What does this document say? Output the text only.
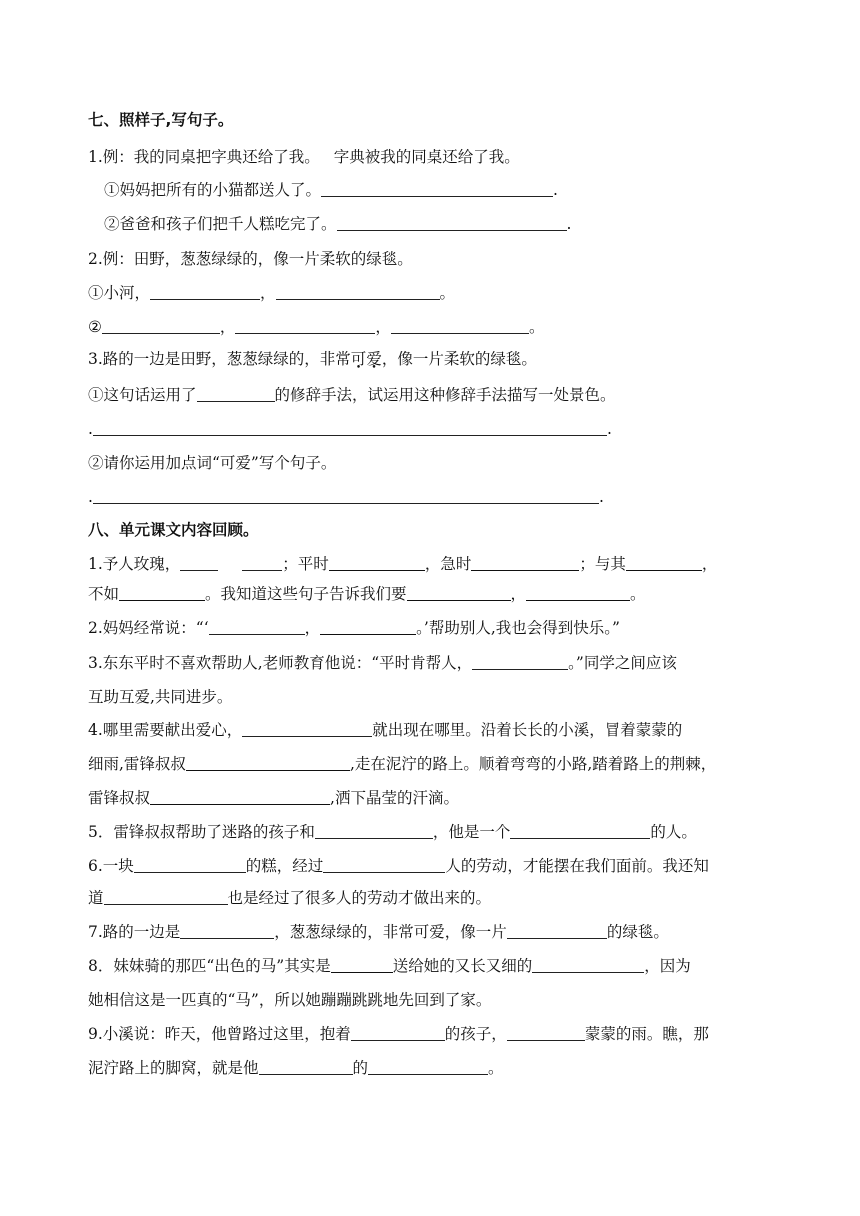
七、照样子,写句子。
1.例：我的同桌把字典还给了我。 字典被我的同桌还给了我。
①妈妈把所有的小猫都送人了。	.
②爸爸和孩子们把千人糕吃完了。	.
2.例：田野，葱葱绿绿的，像一片柔软的绿毯。
①小河，	，	。
②	，	，	。
3.路的一边是田野，葱葱绿绿的，非常可爱，像一片柔软的绿毯。
①这句话运用了	的修辞手法，试运用这种修辞手法描写一处景色。
.	.
②请你运用加点词“可爱”写个句子。
.	.
八、单元课文内容回顾。
1.予人玫瑰，	；平时	，急时	；与其	，
不如	。我知道这些句子告诉我们要	，	。
2.妈妈经常说：“‘	，	。’帮助别人,我也会得到快乐。”
3.东东平时不喜欢帮助人,老师教育他说：“平时肯帮人，	。”同学之间应该
互助互爱,共同进步。
4.哪里需要献出爱心，	就出现在哪里。沿着长长的小溪，冒着蒙蒙的
细雨,雷锋叔叔	,走在泥泞的路上。顺着弯弯的小路,踏着路上的荆棘，
雷锋叔叔	,洒下晶莹的汗滴。
5．雷锋叔叔帮助了迷路的孩子和	，他是一个	的人。
6.一块	的糕，经过	人的劳动，才能摆在我们面前。我还知
道	也是经过了很多人的劳动才做出来的。
7.路的一边是	，葱葱绿绿的，非常可爱，像一片	的绿毯。
8．妹妹骑的那匹“出色的马”其实是	送给她的又长又细的	，因为
她相信这是一匹真的“马”，所以她蹦蹦跳跳地先回到了家。
9.小溪说：昨天，他曾路过这里，抱着	的孩子，	蒙蒙的雨。瞧，那
泥泞路上的脚窝，就是他	的	。
